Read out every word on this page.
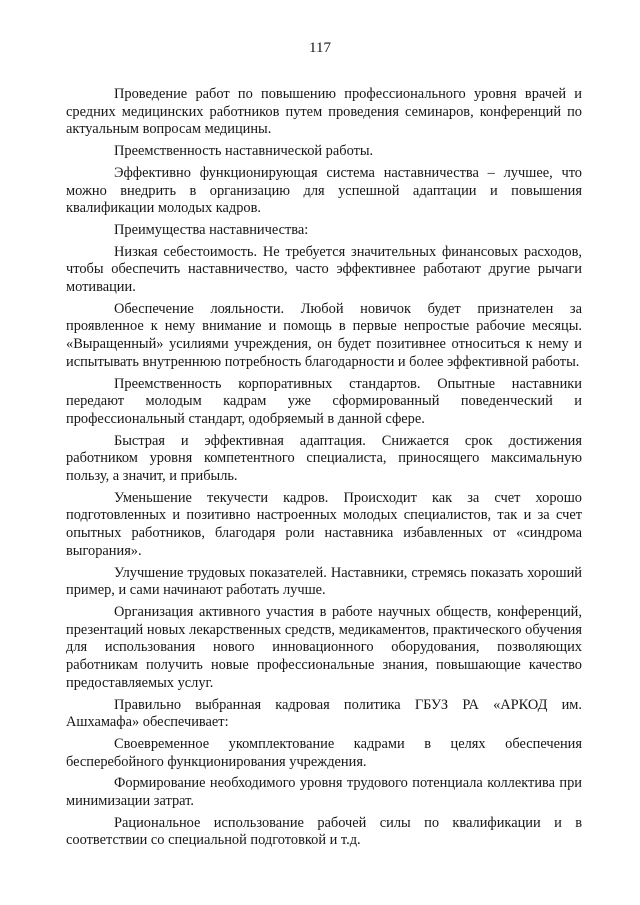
117

Проведение работ по повышению профессионального уровня врачей и средних медицинских работников путем проведения семинаров, конференций по актуальным вопросам медицины.

Преемственность наставнической работы.

Эффективно функционирующая система наставничества – лучшее, что можно внедрить в организацию для успешной адаптации и повышения квалификации молодых кадров.

Преимущества наставничества:

Низкая себестоимость. Не требуется значительных финансовых расходов, чтобы обеспечить наставничество, часто эффективнее работают другие рычаги мотивации.

Обеспечение лояльности. Любой новичок будет признателен за проявленное к нему внимание и помощь в первые непростые рабочие месяцы. «Выращенный» усилиями учреждения, он будет позитивнее относиться к нему и испытывать внутреннюю потребность благодарности и более эффективной работы.

Преемственность корпоративных стандартов. Опытные наставники передают молодым кадрам уже сформированный поведенческий и профессиональный стандарт, одобряемый в данной сфере.

Быстрая и эффективная адаптация. Снижается срок достижения работником уровня компетентного специалиста, приносящего максимальную пользу, а значит, и прибыль.

Уменьшение текучести кадров. Происходит как за счет хорошо подготовленных и позитивно настроенных молодых специалистов, так и за счет опытных работников, благодаря роли наставника избавленных от «синдрома выгорания».

Улучшение трудовых показателей. Наставники, стремясь показать хороший пример, и сами начинают работать лучше.

Организация активного участия в работе научных обществ, конференций, презентаций новых лекарственных средств, медикаментов, практического обучения для использования нового инновационного оборудования, позволяющих работникам получить новые профессиональные знания, повышающие качество предоставляемых услуг.

Правильно выбранная кадровая политика ГБУЗ РА «АРКОД им. Ашхамафа» обеспечивает:

Своевременное укомплектование кадрами в целях обеспечения бесперебойного функционирования учреждения.

Формирование необходимого уровня трудового потенциала коллектива при минимизации затрат.

Рациональное использование рабочей силы по квалификации и в соответствии со специальной подготовкой и т.д.
